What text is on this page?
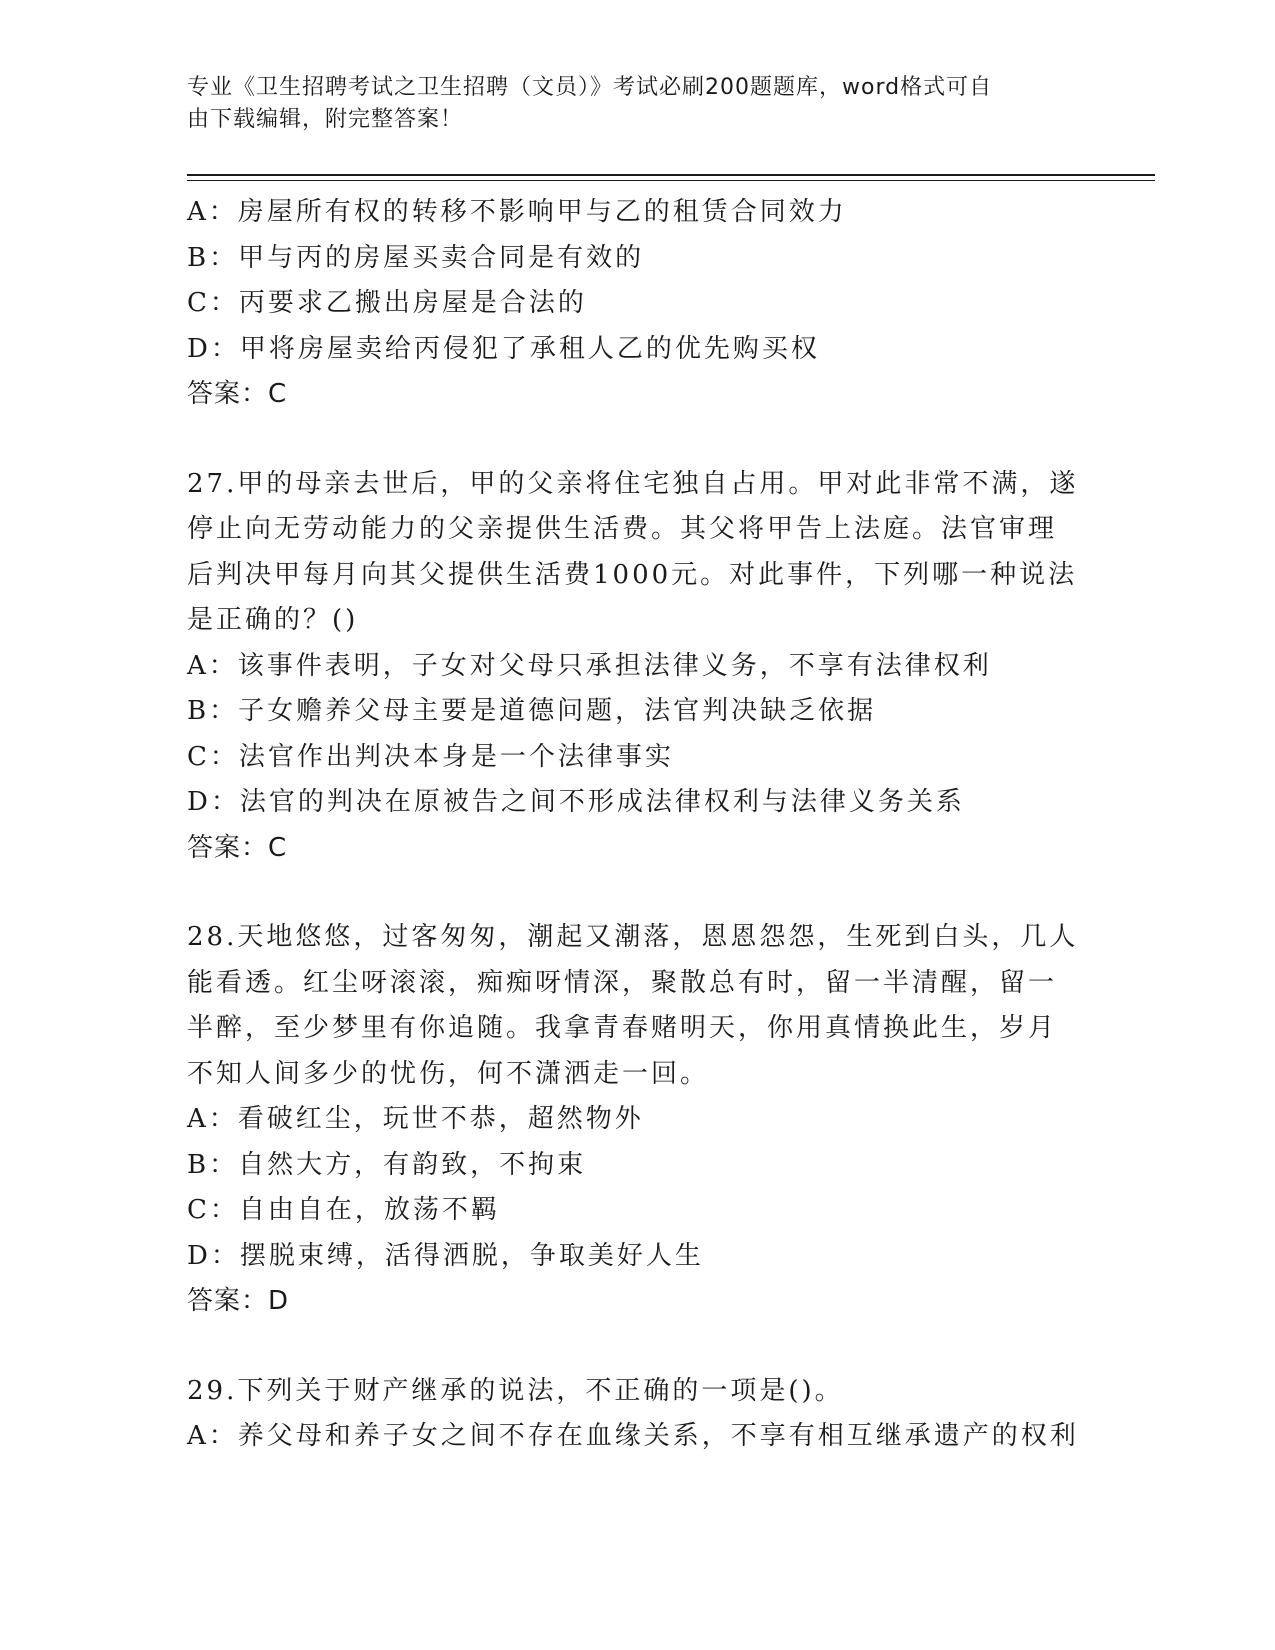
专业《卫生招聘考试之卫生招聘（文员）》考试必刷200题题库，word格式可自
由下载编辑，附完整答案！

A：房屋所有权的转移不影响甲与乙的租赁合同效力

B：甲与丙的房屋买卖合同是有效的

C：丙要求乙搬出房屋是合法的

D：甲将房屋卖给丙侵犯了承租人乙的优先购买权

答案：C

27.甲的母亲去世后，甲的父亲将住宅独自占用。甲对此非常不满，遂

停止向无劳动能力的父亲提供生活费。其父将甲告上法庭。法官审理

后判决甲每月向其父提供生活费1000元。对此事件，下列哪一种说法

是正确的？()

A：该事件表明，子女对父母只承担法律义务，不享有法律权利

B：子女赡养父母主要是道德问题，法官判决缺乏依据

C：法官作出判决本身是一个法律事实

D：法官的判决在原被告之间不形成法律权利与法律义务关系

答案：C

28.天地悠悠，过客匆匆，潮起又潮落，恩恩怨怨，生死到白头，几人

能看透。红尘呀滚滚，痴痴呀情深，聚散总有时，留一半清醒，留一

半醉，至少梦里有你追随。我拿青春赌明天，你用真情换此生，岁月

不知人间多少的忧伤，何不潇洒走一回。

A：看破红尘，玩世不恭，超然物外

B：自然大方，有韵致，不拘束

C：自由自在，放荡不羁

D：摆脱束缚，活得洒脱，争取美好人生

答案：D

29.下列关于财产继承的说法，不正确的一项是()。

A：养父母和养子女之间不存在血缘关系，不享有相互继承遗产的权利
